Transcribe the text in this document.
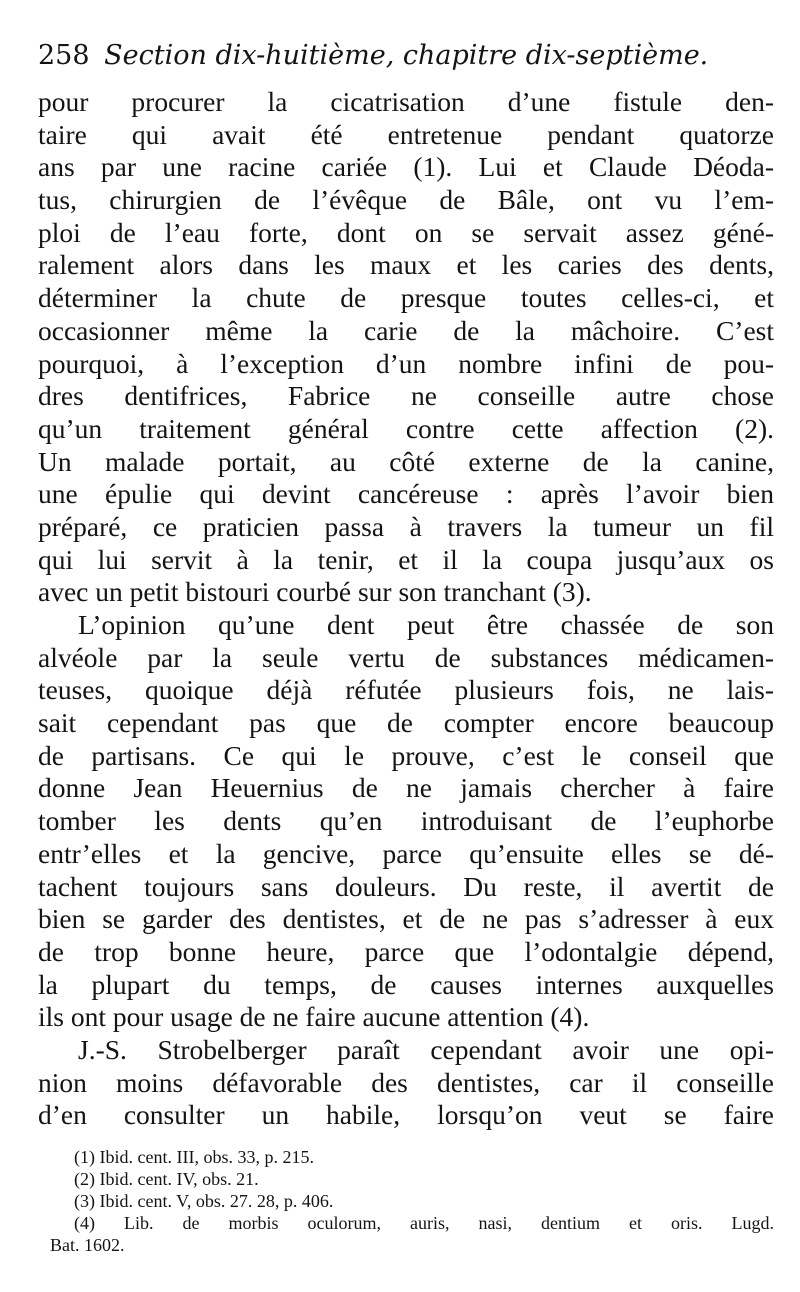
258 Section dix-huitième, chapitre dix-septième.
pour procurer la cicatrisation d’une fistule den-
taire qui avait été entretenue pendant quatorze
ans par une racine cariée (1). Lui et Claude Déoda-
tus, chirurgien de l’évêque de Bâle, ont vu l’em-
ploi de l’eau forte, dont on se servait assez géné-
ralement alors dans les maux et les caries des dents,
déterminer la chute de presque toutes celles-ci, et
occasionner même la carie de la mâchoire. C’est
pourquoi, à l’exception d’un nombre infini de pou-
dres dentifrices, Fabrice ne conseille autre chose
qu’un traitement général contre cette affection (2).
Un malade portait, au côté externe de la canine,
une épulie qui devint cancéreuse : après l’avoir bien
préparé, ce praticien passa à travers la tumeur un fil
qui lui servit à la tenir, et il la coupa jusqu’aux os
avec un petit bistouri courbé sur son tranchant (3).
L’opinion qu’une dent peut être chassée de son
alvéole par la seule vertu de substances médicamen-
teuses, quoique déjà réfutée plusieurs fois, ne lais-
sait cependant pas que de compter encore beaucoup
de partisans. Ce qui le prouve, c’est le conseil que
donne Jean Heuernius de ne jamais chercher à faire
tomber les dents qu’en introduisant de l’euphorbe
entr’elles et la gencive, parce qu’ensuite elles se dé-
tachent toujours sans douleurs. Du reste, il avertit de
bien se garder des dentistes, et de ne pas s’adresser à eux
de trop bonne heure, parce que l’odontalgie dépend,
la plupart du temps, de causes internes auxquelles
ils ont pour usage de ne faire aucune attention (4).
J.-S. Strobelberger paraît cependant avoir une opi-
nion moins défavorable des dentistes, car il conseille
d’en consulter un habile, lorsqu’on veut se faire
(1) Ibid. cent. III, obs. 33, p. 215.
(2) Ibid. cent. IV, obs. 21.
(3) Ibid. cent. V, obs. 27. 28, p. 406.
(4) Lib. de morbis oculorum, auris, nasi, dentium et oris. Lugd.
Bat. 1602.
